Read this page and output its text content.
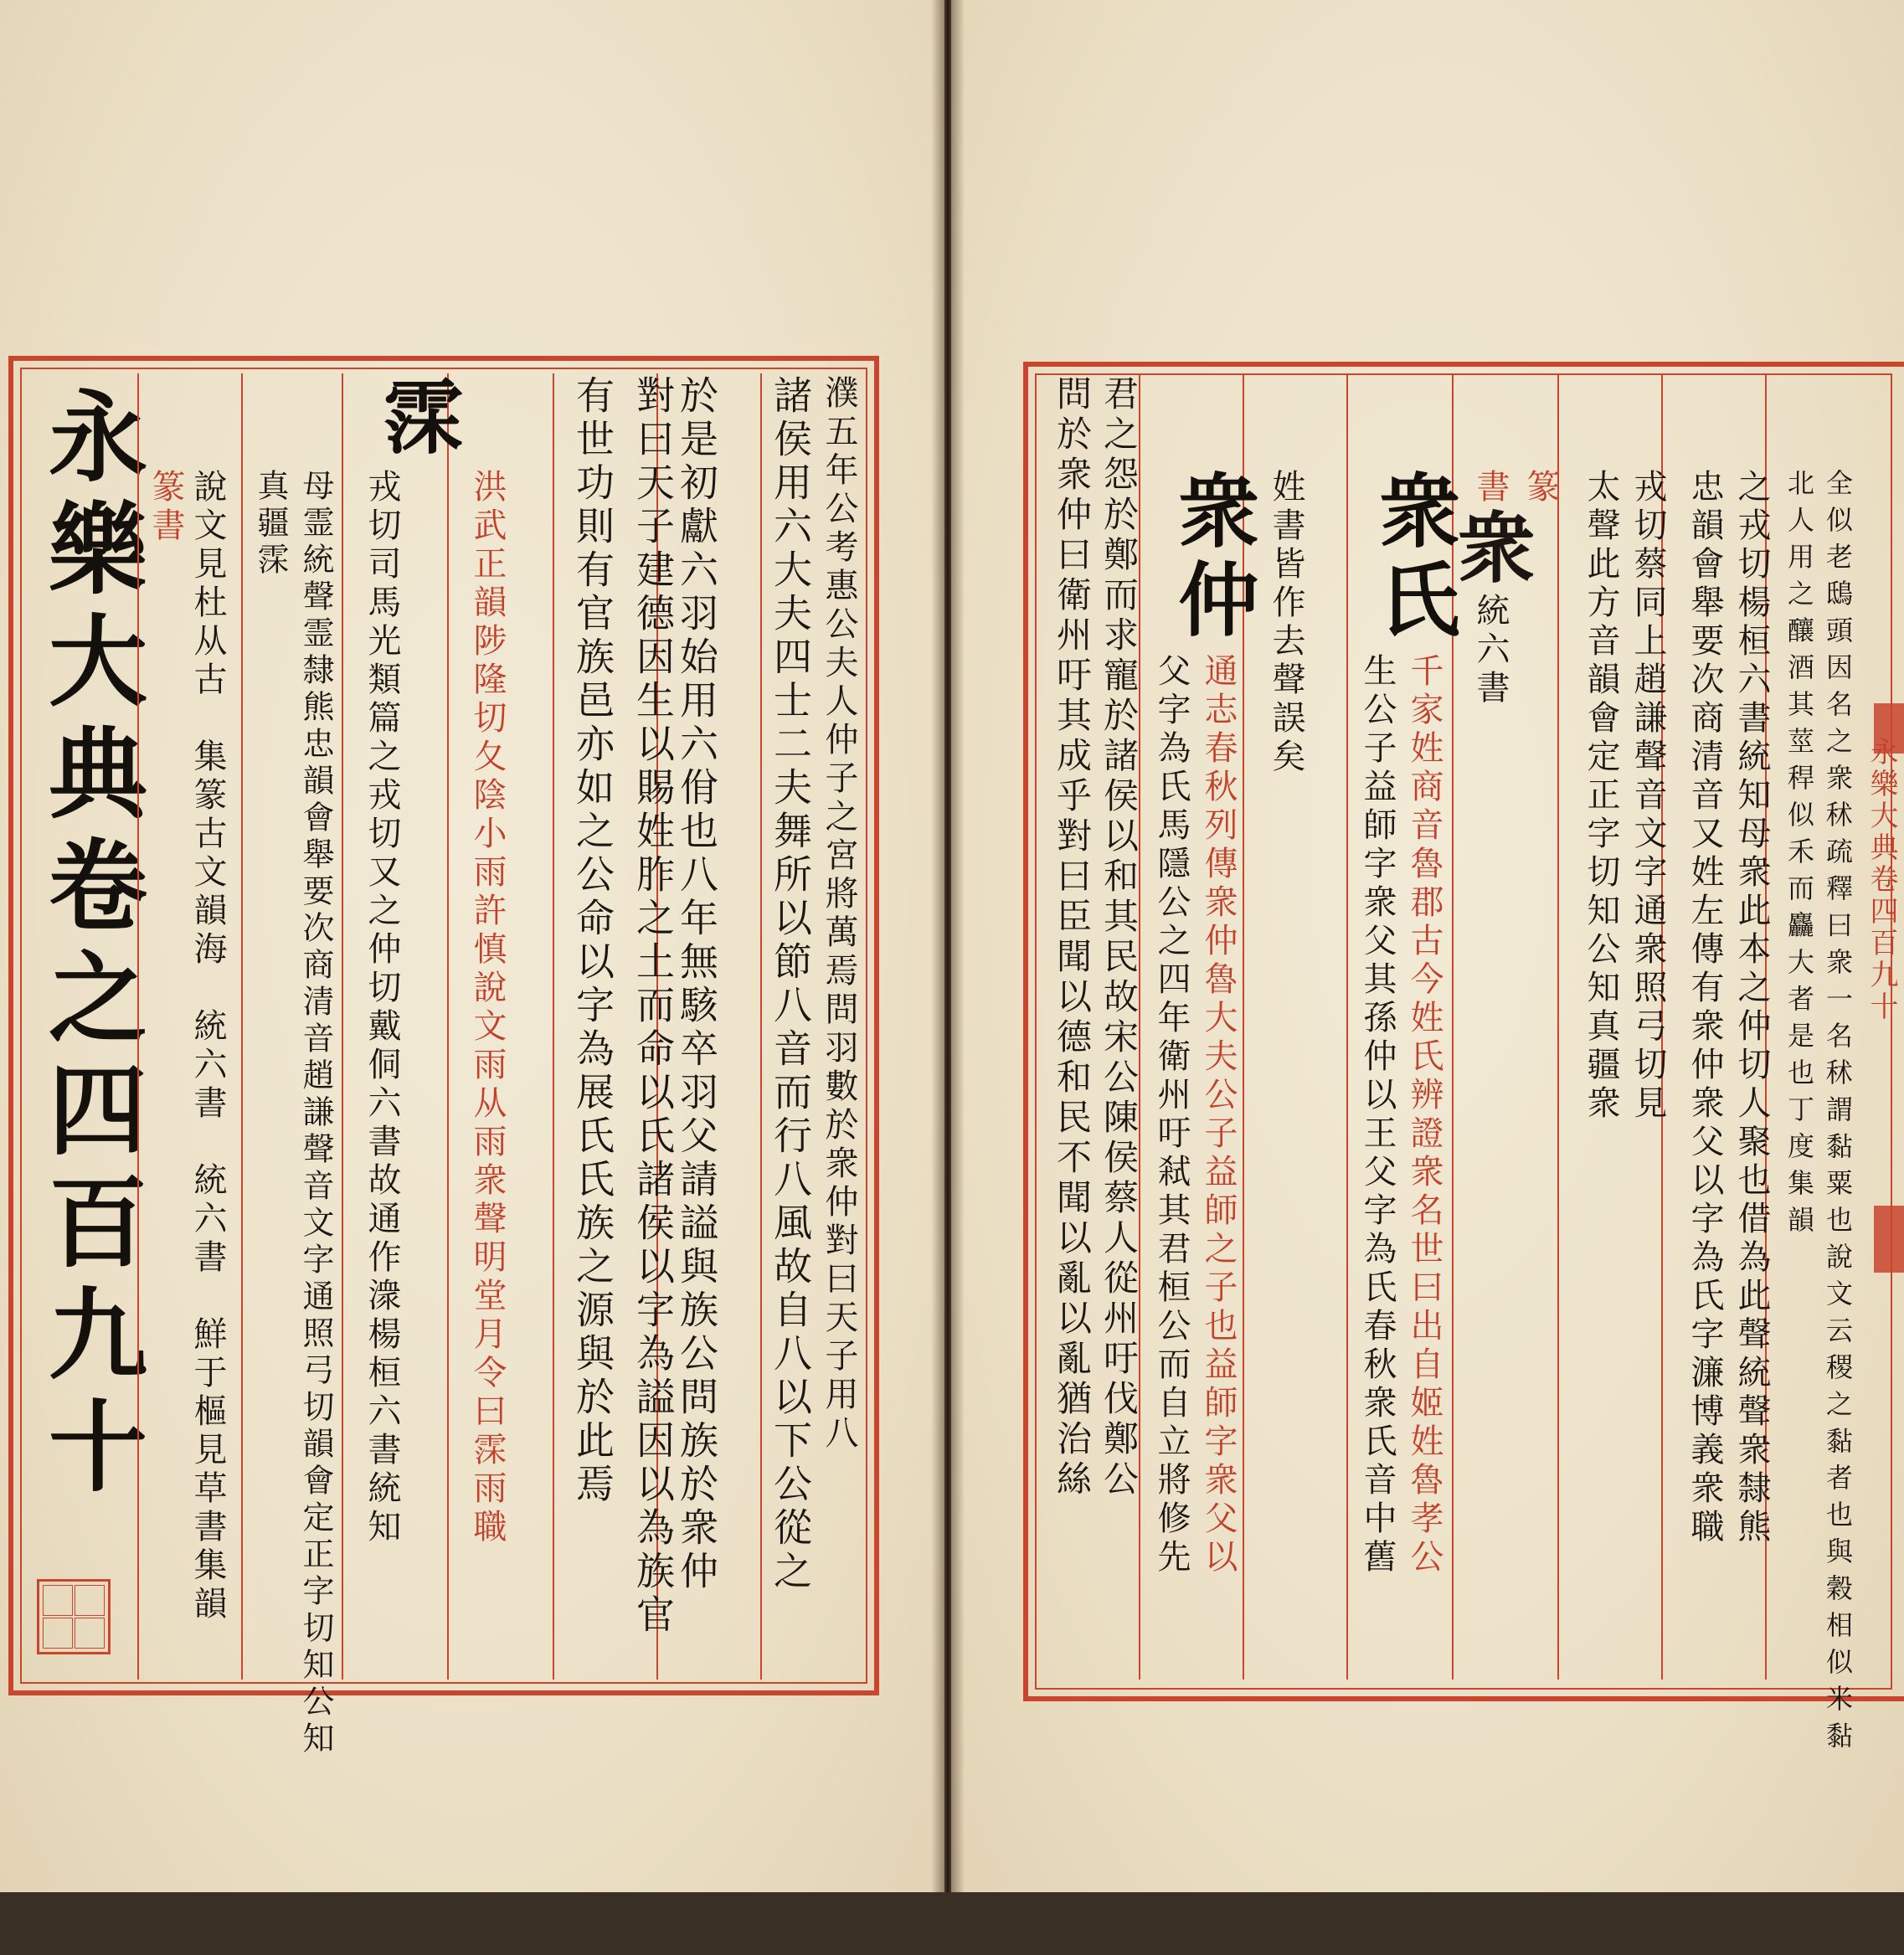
永樂大典卷之四百九十
篆書 說文見杜从古　集篆古文韻海　統六書　統六書　鮮于樞見草書集韻	母霊統聲霊隸熊忠韻會舉要次商清音趙謙聲音文字通照弓切韻會定正字切知公知真疆霂
霂
洪武正韻陟隆切夂陰小雨許慎說文雨从雨衆聲明堂月令曰霂雨職
戎切司馬光類篇之戎切又之仲切戴侗六書故通作潨楊桓六書統知	對曰天子建德因生以賜姓胙之土而命以氏諸侯以字為謚因以為族官有世功則有官族邑亦如之公命以字為展氏氏族之源與於此焉	於是初獻六羽始用六佾也八年無駭卒羽父請謚與族公問族於衆仲 諸侯用六大夫四士二夫舞所以節八音而行八風故自八以下公從之 濮五年公考惠公夫人仲子之宮將萬焉問羽數於衆仲對曰天子用八	問於衆仲曰衛州吁其成乎對曰臣聞以德和民不聞以亂以亂猶治絲 君之怨於鄭而求寵於諸侯以和其民故宋公陳侯蔡人從州吁伐鄭公 衆仲
父字為氏馬隱公之四年衛州吁弒其君桓公而自立將修先 通志春秋列傳衆仲魯大夫公子益師之子也益師字衆父以
姓書皆作去聲誤矣 衆氏
生公子益師字衆父其孫仲以王父字為氏春秋衆氏音中舊 千家姓商音魯郡古今姓氏辨證衆名世曰出自姬姓魯孝公
書衆統六書
篆 太聲此方音韻會定正字切知公知真疆衆 戎切蔡同上趙謙聲音文字通衆照弓切見 忠韻會舉要次商清音又姓左傳有衆仲衆父以字為氏字濂博義衆職 之戎切楊桓六書統知母衆此本之仲切人聚也借為此聲統聲衆隸熊	全似老鴟頭因名之衆秫疏釋曰衆一名秫謂黏粟也說文云稷之黏者也與穀相似米黏北人用之釀酒其莖稈似禾而麤大者是也丁度集韻	永樂大典卷四百九十
